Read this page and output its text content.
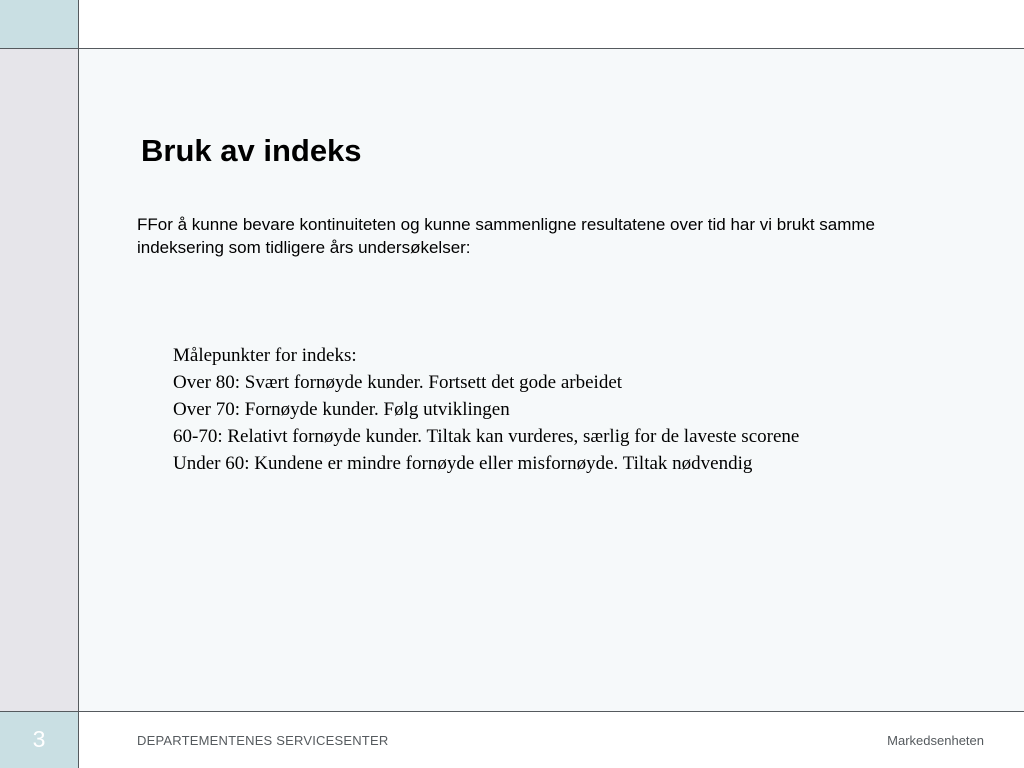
Bruk av indeks

FFor å kunne bevare kontinuiteten og kunne sammenligne resultatene over tid har vi brukt samme indeksering som tidligere års undersøkelser:

Målepunkter for indeks:
Over 80: Svært fornøyde kunder. Fortsett det gode arbeidet
Over 70: Fornøyde kunder. Følg utviklingen
60-70: Relativt fornøyde kunder. Tiltak kan vurderes, særlig for de laveste scorene
Under 60: Kundene er mindre fornøyde eller misfornøyde. Tiltak nødvendig
3	DEPARTEMENTENES SERVICESENTER	Markedsenheten
